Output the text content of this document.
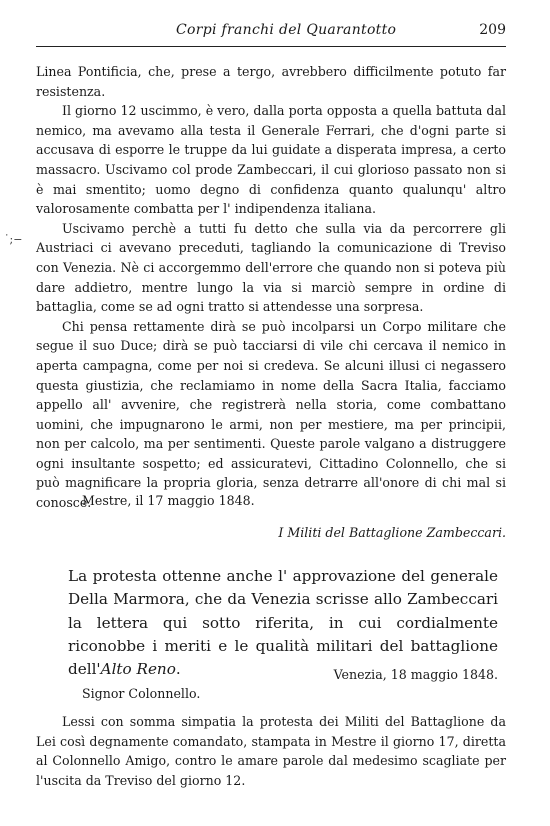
Corpi franchi del Quarantotto	209
˙;−

Linea Pontificia, che, prese a tergo, avrebbero difficilmente potuto far resistenza.

Il giorno 12 uscimmo, è vero, dalla porta opposta a quella battuta dal nemico, ma avevamo alla testa il Generale Ferrari, che d'ogni parte si accusava di esporre le truppe da lui guidate a disperata impresa, a certo massacro. Uscivamo col prode Zambeccari, il cui glorioso passato non si è mai smentito; uomo degno di confidenza quanto qualunqu' altro valorosamente combatta per l' indipendenza italiana.

Uscivamo perchè a tutti fu detto che sulla via da percorrere gli Austriaci ci avevano preceduti, tagliando la comunicazione di Treviso con Venezia. Nè ci accorgemmo dell'errore che quando non si poteva più dare addietro, mentre lungo la via si marciò sempre in ordine di battaglia, come se ad ogni tratto si attendesse una sorpresa.

Chi pensa rettamente dirà se può incolparsi un Corpo militare che segue il suo Duce; dirà se può tacciarsi di vile chi cercava il nemico in aperta campagna, come per noi si credeva. Se alcuni illusi ci negassero questa giustizia, che reclamiamo in nome della Sacra Italia, facciamo appello all' avvenire, che registrerà nella storia, come combattano uomini, che impugnarono le armi, non per mestiere, ma per principii, non per calcolo, ma per sentimenti. Queste parole valgano a distruggere ogni insultante sospetto; ed assicuratevi, Cittadino Colonnello, che si può magnificare la propria gloria, senza detrarre all'onore di chi mal si conosce.

Mestre, il 17 maggio 1848.
I Militi del Battaglione Zambeccari.

La protesta ottenne anche l' approvazione del generale Della Marmora, che da Venezia scrisse allo Zambeccari la lettera qui sotto riferita, in cui cordialmente riconobbe i meriti e le qualità militari del battaglione dell'Alto Reno.	Venezia, 18 maggio 1848.
Signor Colonnello.

Lessi con somma simpatia la protesta dei Militi del Battaglione da Lei così degnamente comandato, stampata in Mestre il giorno 17, diretta al Colonnello Amigo, contro le amare parole dal medesimo scagliate per l'uscita da Treviso del giorno 12.
